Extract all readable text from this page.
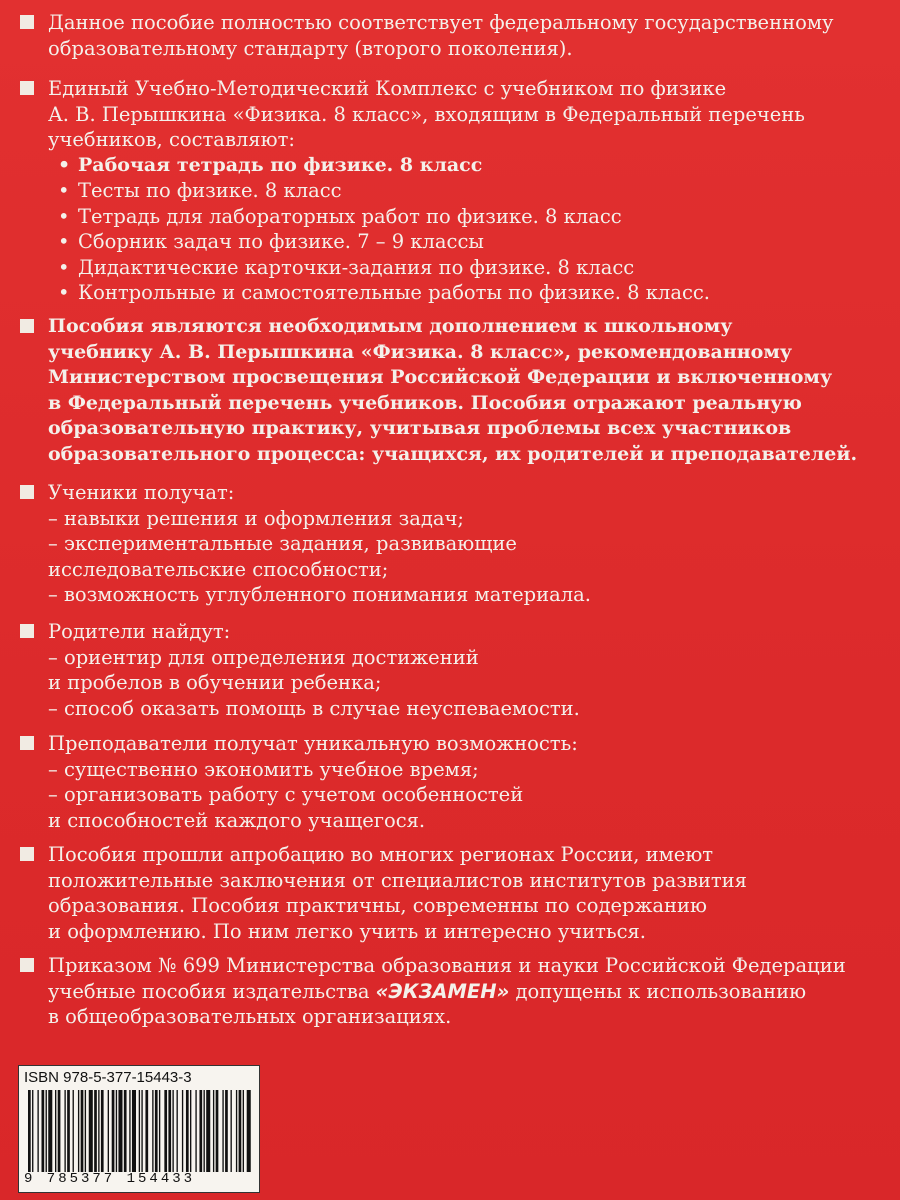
Данное пособие полностью соответствует федеральному государственному
образовательному стандарту (второго поколения).
Единый Учебно-Методический Комплекс с учебником по физике
А. В. Перышкина «Физика. 8 класс», входящим в Федеральный перечень
учебников, составляют:
• Рабочая тетрадь по физике. 8 класс
• Тесты по физике. 8 класс
• Тетрадь для лабораторных работ по физике. 8 класс
• Сборник задач по физике. 7 – 9 классы
• Дидактические карточки-задания по физике. 8 класс
• Контрольные и самостоятельные работы по физике. 8 класс.
Пособия являются необходимым дополнением к школьному
учебнику А. В. Перышкина «Физика. 8 класс», рекомендованному
Министерством просвещения Российской Федерации и включенному
в Федеральный перечень учебников. Пособия отражают реальную
образовательную практику, учитывая проблемы всех участников
образовательного процесса: учащихся, их родителей и преподавателей.
Ученики получат:
– навыки решения и оформления задач;
– экспериментальные задания, развивающие
исследовательские способности;
– возможность углубленного понимания материала.
Родители найдут:
– ориентир для определения достижений
и пробелов в обучении ребенка;
– способ оказать помощь в случае неуспеваемости.
Преподаватели получат уникальную возможность:
– существенно экономить учебное время;
– организовать работу с учетом особенностей
и способностей каждого учащегося.
Пособия прошли апробацию во многих регионах России, имеют
положительные заключения от специалистов институтов развития
образования. Пособия практичны, современны по содержанию
и оформлению. По ним легко учить и интересно учиться.
Приказом № 699 Министерства образования и науки Российской Федерации
учебные пособия издательства «ЭКЗАМЕН» допущены к использованию
в общеобразовательных организациях.
ISBN 978-5-377-15443-3
9 785377 154433
